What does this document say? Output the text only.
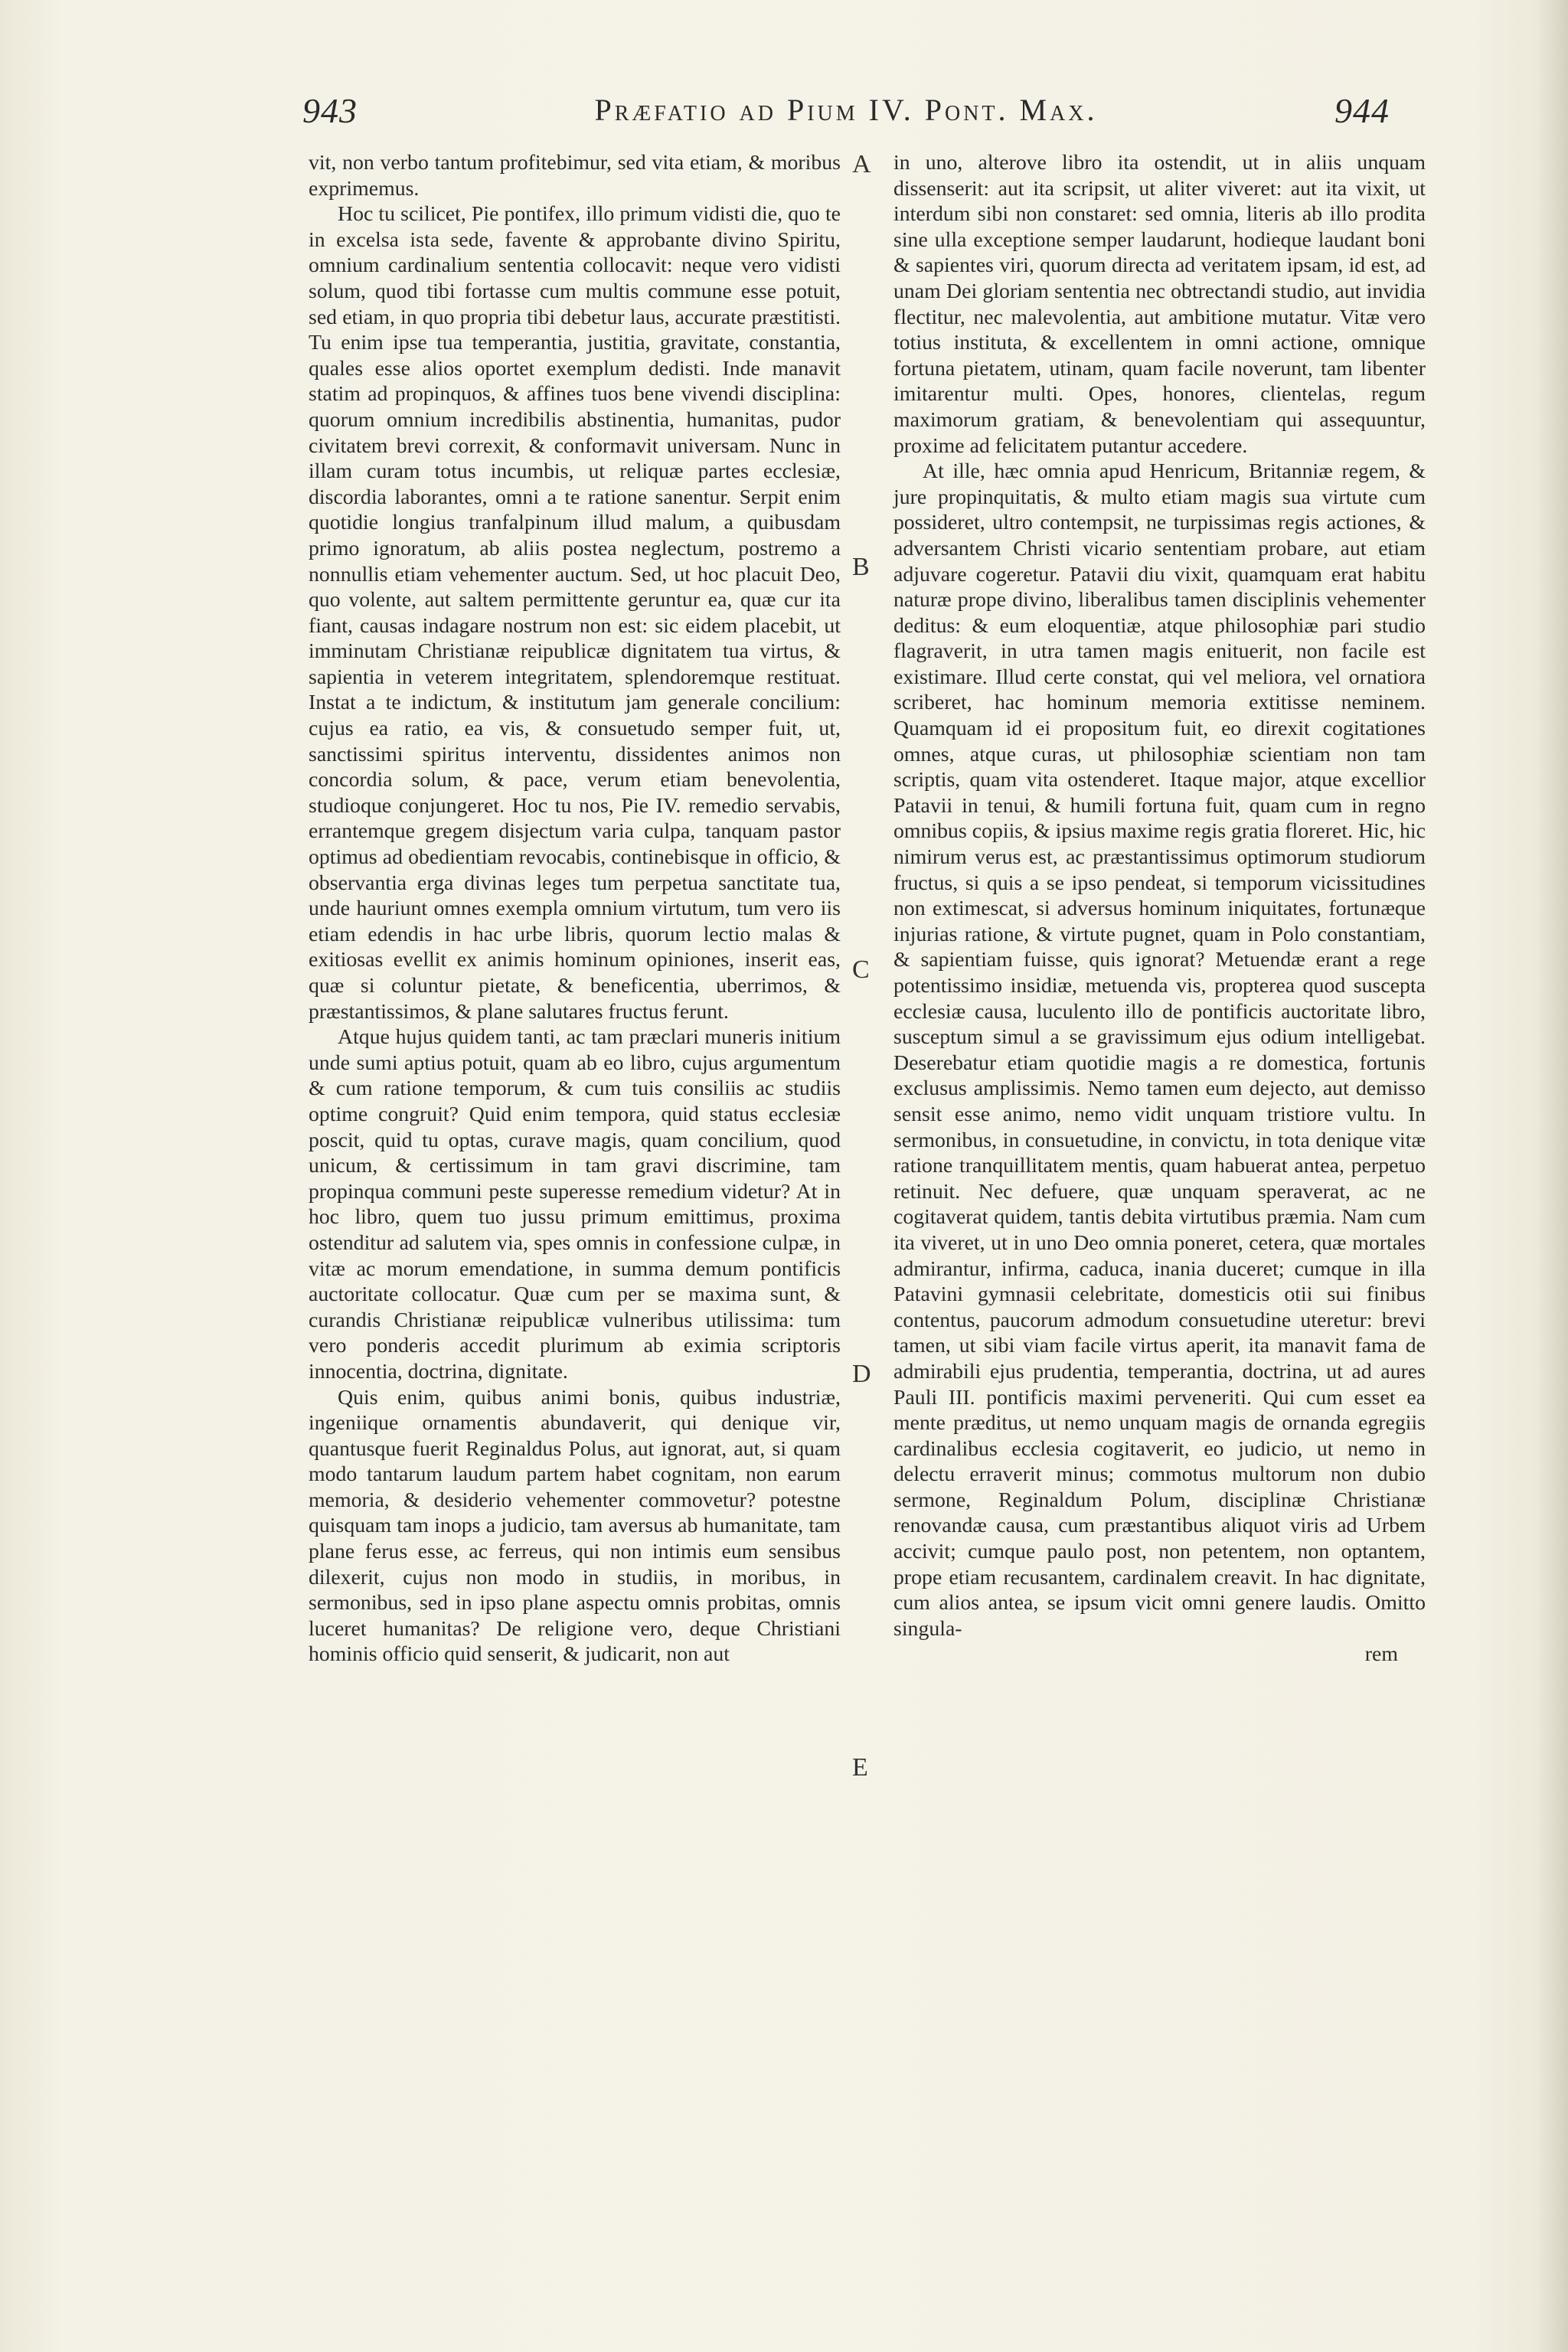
943	Præfatio ad Pium IV. Pont. Max.	944

vit, non verbo tantum profitebimur, sed vita etiam, & moribus exprimemus.

Hoc tu scilicet, Pie pontifex, illo primum vidisti die, quo te in excelsa ista sede, favente & approbante divino Spiritu, omnium cardinalium sententia collocavit: neque vero vidisti solum, quod tibi fortasse cum multis commune esse potuit, sed etiam, in quo propria tibi debetur laus, accurate præstitisti. Tu enim ipse tua temperantia, justitia, gravitate, constantia, quales esse alios oportet exemplum dedisti. Inde manavit statim ad propinquos, & affines tuos bene vivendi disciplina: quorum omnium incredibilis abstinentia, humanitas, pudor civitatem brevi correxit, & conformavit universam. Nunc in illam curam totus incumbis, ut reliquæ partes ecclesiæ, discordia laborantes, omni a te ratione sanentur. Serpit enim quotidie longius tranfalpinum illud malum, a quibusdam primo ignoratum, ab aliis postea neglectum, postremo a nonnullis etiam vehementer auctum. Sed, ut hoc placuit Deo, quo volente, aut saltem permittente geruntur ea, quæ cur ita fiant, causas indagare nostrum non est: sic eidem placebit, ut imminutam Christianæ reipublicæ dignitatem tua virtus, & sapientia in veterem integritatem, splendoremque restituat. Instat a te indictum, & institutum jam generale concilium: cujus ea ratio, ea vis, & consuetudo semper fuit, ut, sanctissimi spiritus interventu, dissidentes animos non concordia solum, & pace, verum etiam benevolentia, studioque conjungeret. Hoc tu nos, Pie IV. remedio servabis, errantemque gregem disjectum varia culpa, tanquam pastor optimus ad obedientiam revocabis, continebisque in officio, & observantia erga divinas leges tum perpetua sanctitate tua, unde hauriunt omnes exempla omnium virtutum, tum vero iis etiam edendis in hac urbe libris, quorum lectio malas & exitiosas evellit ex animis hominum opiniones, inserit eas, quæ si coluntur pietate, & beneficentia, uberrimos, & præstantissimos, & plane salutares fructus ferunt.

Atque hujus quidem tanti, ac tam præclari muneris initium unde sumi aptius potuit, quam ab eo libro, cujus argumentum & cum ratione temporum, & cum tuis consiliis ac studiis optime congruit? Quid enim tempora, quid status ecclesiæ poscit, quid tu optas, curave magis, quam concilium, quod unicum, & certissimum in tam gravi discrimine, tam propinqua communi peste superesse remedium videtur? At in hoc libro, quem tuo jussu primum emittimus, proxima ostenditur ad salutem via, spes omnis in confessione culpæ, in vitæ ac morum emendatione, in summa demum pontificis auctoritate collocatur. Quæ cum per se maxima sunt, & curandis Christianæ reipublicæ vulneribus utilissima: tum vero ponderis accedit plurimum ab eximia scriptoris innocentia, doctrina, dignitate.

Quis enim, quibus animi bonis, quibus industriæ, ingeniique ornamentis abundaverit, qui denique vir, quantusque fuerit Reginaldus Polus, aut ignorat, aut, si quam modo tantarum laudum partem habet cognitam, non earum memoria, & desiderio vehementer commovetur? potestne quisquam tam inops a judicio, tam aversus ab humanitate, tam plane ferus esse, ac ferreus, qui non intimis eum sensibus dilexerit, cujus non modo in studiis, in moribus, in sermonibus, sed in ipso plane aspectu omnis probitas, omnis luceret humanitas? De religione vero, deque Christiani hominis officio quid senserit, & judicarit, non aut

in uno, alterove libro ita ostendit, ut in aliis unquam dissenserit: aut ita scripsit, ut aliter viveret: aut ita vixit, ut interdum sibi non constaret: sed omnia, literis ab illo prodita sine ulla exceptione semper laudarunt, hodieque laudant boni & sapientes viri, quorum directa ad veritatem ipsam, id est, ad unam Dei gloriam sententia nec obtrectandi studio, aut invidia flectitur, nec malevolentia, aut ambitione mutatur. Vitæ vero totius instituta, & excellentem in omni actione, omnique fortuna pietatem, utinam, quam facile noverunt, tam libenter imitarentur multi. Opes, honores, clientelas, regum maximorum gratiam, & benevolentiam qui assequuntur, proxime ad felicitatem putantur accedere.

At ille, hæc omnia apud Henricum, Britanniæ regem, & jure propinquitatis, & multo etiam magis sua virtute cum possideret, ultro contempsit, ne turpissimas regis actiones, & adversantem Christi vicario sententiam probare, aut etiam adjuvare cogeretur. Patavii diu vixit, quamquam erat habitu naturæ prope divino, liberalibus tamen disciplinis vehementer deditus: & eum eloquentiæ, atque philosophiæ pari studio flagraverit, in utra tamen magis enituerit, non facile est existimare. Illud certe constat, qui vel meliora, vel ornatiora scriberet, hac hominum memoria extitisse neminem. Quamquam id ei propositum fuit, eo direxit cogitationes omnes, atque curas, ut philosophiæ scientiam non tam scriptis, quam vita ostenderet. Itaque major, atque excellior Patavii in tenui, & humili fortuna fuit, quam cum in regno omnibus copiis, & ipsius maxime regis gratia floreret. Hic, hic nimirum verus est, ac præstantissimus optimorum studiorum fructus, si quis a se ipso pendeat, si temporum vicissitudines non extimescat, si adversus hominum iniquitates, fortunæque injurias ratione, & virtute pugnet, quam in Polo constantiam, & sapientiam fuisse, quis ignorat? Metuendæ erant a rege potentissimo insidiæ, metuenda vis, propterea quod suscepta ecclesiæ causa, luculento illo de pontificis auctoritate libro, susceptum simul a se gravissimum ejus odium intelligebat. Deserebatur etiam quotidie magis a re domestica, fortunis exclusus amplissimis. Nemo tamen eum dejecto, aut demisso sensit esse animo, nemo vidit unquam tristiore vultu. In sermonibus, in consuetudine, in convictu, in tota denique vitæ ratione tranquillitatem mentis, quam habuerat antea, perpetuo retinuit. Nec defuere, quæ unquam speraverat, ac ne cogitaverat quidem, tantis debita virtutibus præmia. Nam cum ita viveret, ut in uno Deo omnia poneret, cetera, quæ mortales admirantur, infirma, caduca, inania duceret; cumque in illa Patavini gymnasii celebritate, domesticis otii sui finibus contentus, paucorum admodum consuetudine uteretur: brevi tamen, ut sibi viam facile virtus aperit, ita manavit fama de admirabili ejus prudentia, temperantia, doctrina, ut ad aures Pauli III. pontificis maximi perveneriti. Qui cum esset ea mente præditus, ut nemo unquam magis de ornanda egregiis cardinalibus ecclesia cogitaverit, eo judicio, ut nemo in delectu erraverit minus; commotus multorum non dubio sermone, Reginaldum Polum, disciplinæ Christianæ renovandæ causa, cum præstantibus aliquot viris ad Urbem accivit; cumque paulo post, non petentem, non optantem, prope etiam recusantem, cardinalem creavit. In hac dignitate, cum alios antea, se ipsum vicit omni genere laudis. Omitto singula-

rem

A
B
C
D
E
